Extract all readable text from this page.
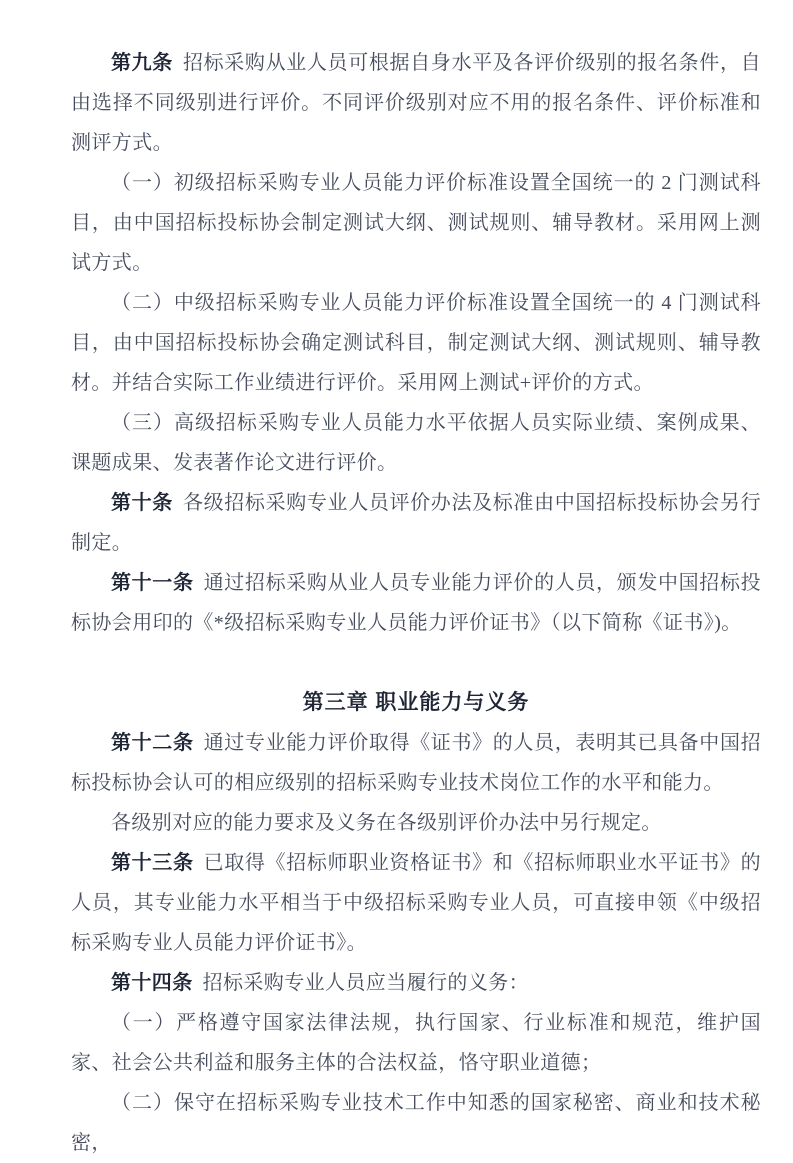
第九条 招标采购从业人员可根据自身水平及各评价级别的报名条件，自由选择不同级别进行评价。不同评价级别对应不用的报名条件、评价标准和测评方式。

（一）初级招标采购专业人员能力评价标准设置全国统一的 2 门测试科目，由中国招标投标协会制定测试大纲、测试规则、辅导教材。采用网上测试方式。

（二）中级招标采购专业人员能力评价标准设置全国统一的 4 门测试科目，由中国招标投标协会确定测试科目，制定测试大纲、测试规则、辅导教材。并结合实际工作业绩进行评价。采用网上测试+评价的方式。

（三）高级招标采购专业人员能力水平依据人员实际业绩、案例成果、课题成果、发表著作论文进行评价。

第十条 各级招标采购专业人员评价办法及标准由中国招标投标协会另行制定。

第十一条 通过招标采购从业人员专业能力评价的人员，颁发中国招标投标协会用印的《*级招标采购专业人员能力评价证书》（以下简称《证书》)。

第三章 职业能力与义务

第十二条 通过专业能力评价取得《证书》的人员，表明其已具备中国招标投标协会认可的相应级别的招标采购专业技术岗位工作的水平和能力。

各级别对应的能力要求及义务在各级别评价办法中另行规定。

第十三条 已取得《招标师职业资格证书》和《招标师职业水平证书》的人员，其专业能力水平相当于中级招标采购专业人员，可直接申领《中级招标采购专业人员能力评价证书》。

第十四条 招标采购专业人员应当履行的义务：

（一）严格遵守国家法律法规，执行国家、行业标准和规范，维护国家、社会公共利益和服务主体的合法权益，恪守职业道德；

（二）保守在招标采购专业技术工作中知悉的国家秘密、商业和技术秘密，
